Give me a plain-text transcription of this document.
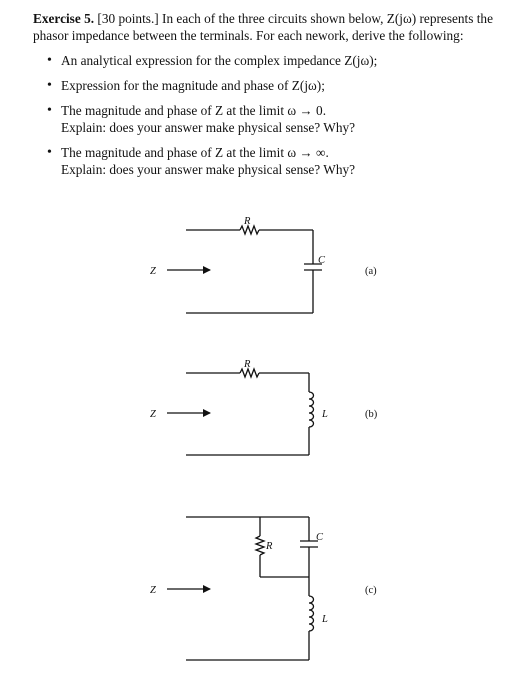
Exercise 5. [30 points.] In each of the three circuits shown below, Z(jω) represents the phasor impedance between the terminals. For each nework, derive the following:

• An analytical expression for the complex impedance Z(jω);
• Expression for the magnitude and phase of Z(jω);
• The magnitude and phase of Z at the limit ω → 0.
Explain: does your answer make physical sense? Why?
• The magnitude and phase of Z at the limit ω → ∞.
Explain: does your answer make physical sense? Why?
R
C
Z	(a)
R
L
Z	(b)
R
C
L
Z	(c)
